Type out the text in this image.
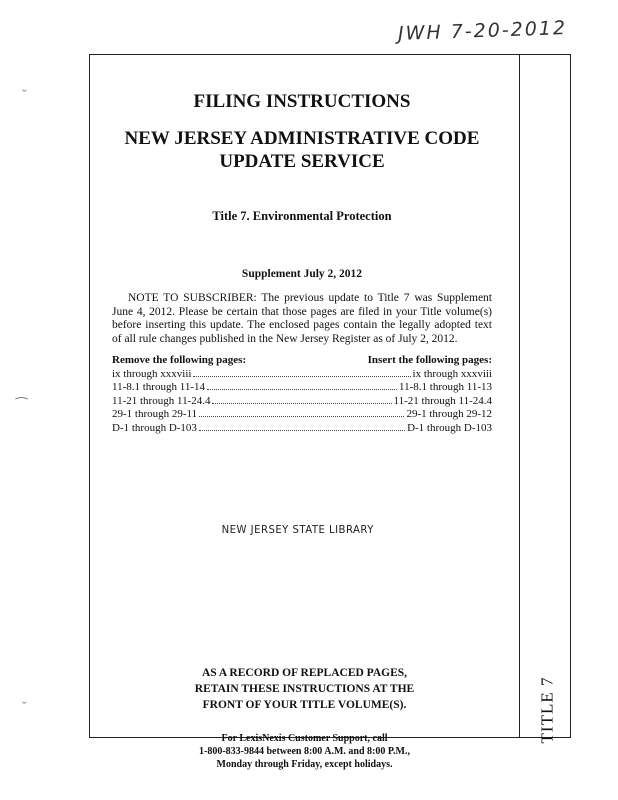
JWH 7-20-2012
ˇ
⁀
˘	TITLE 7
FILING INSTRUCTIONS
NEW JERSEY ADMINISTRATIVE CODE
UPDATE SERVICE
Title 7. Environmental Protection
Supplement July 2, 2012
NOTE TO SUBSCRIBER: The previous update to Title 7 was Supplement June 4, 2012. Please be certain that those pages are filed in your Title volume(s) before inserting this update. The enclosed pages contain the legally adopted text of all rule changes published in the New Jersey Register as of July 2, 2012.
Remove the following pages:	Insert the following pages:
ix through xxxviii	ix through xxxviii
11-8.1 through 11-14	11-8.1 through 11-13
11-21 through 11-24.4	11-21 through 11-24.4
29-1 through 29-11	29-1 through 29-12
D-1 through D-103	D-1 through D-103
NEW JERSEY STATE LIBRARY
AS A RECORD OF REPLACED PAGES,
RETAIN THESE INSTRUCTIONS AT THE
FRONT OF YOUR TITLE VOLUME(S).
For LexisNexis Customer Support, call
1-800-833-9844 between 8:00 A.M. and 8:00 P.M.,
Monday through Friday, except holidays.
